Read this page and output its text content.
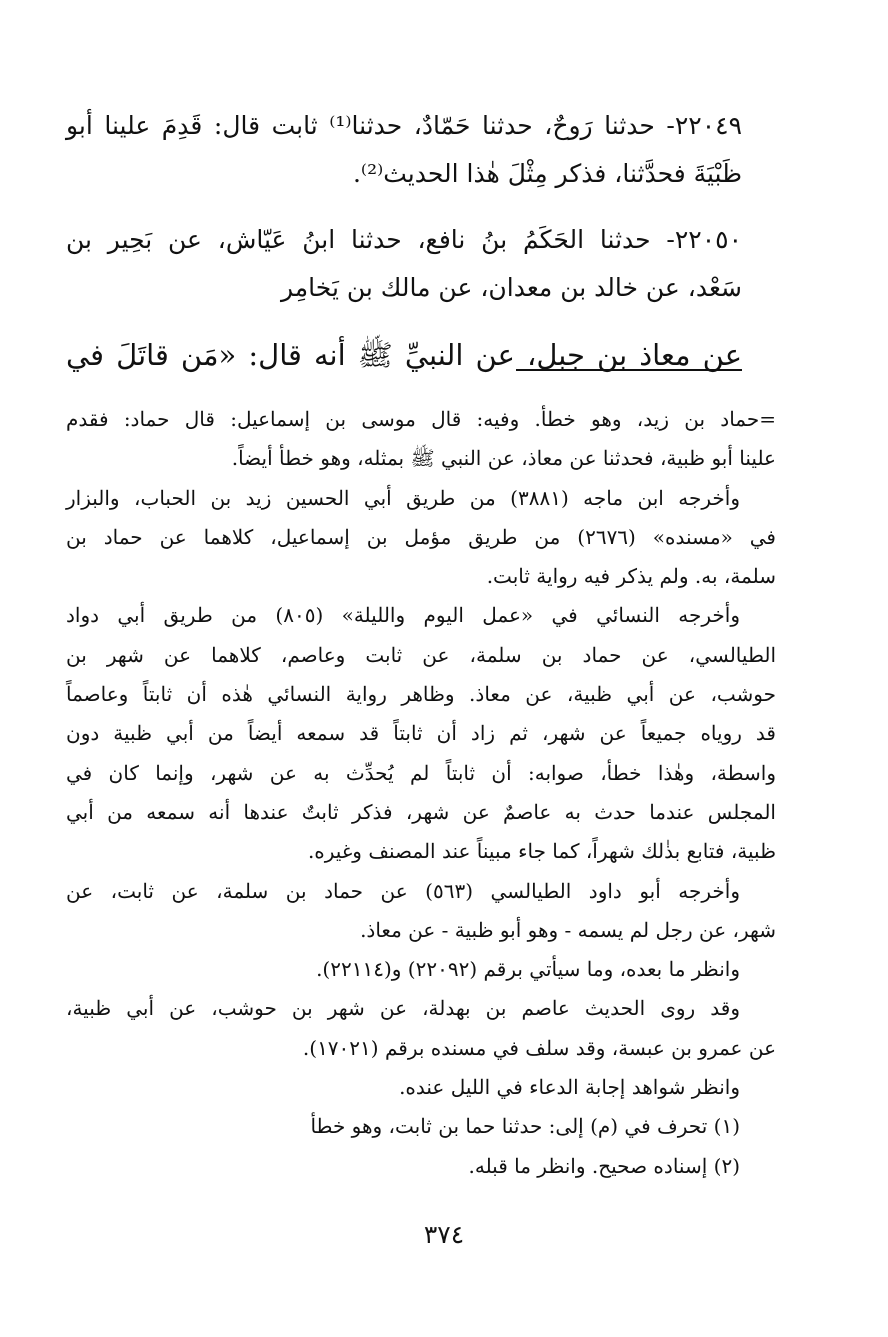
٢٢٠٤٩- حدثنا رَوحٌ، حدثنا حَمّادٌ، حدثنا⁽¹⁾ ثابت قال: قَدِمَ علينا أبو
ظَبْيَةَ فحدَّثنا، فذكر مِثْلَ هٰذا الحديث⁽²⁾.
٢٢٠٥٠- حدثنا الحَكَمُ بنُ نافع، حدثنا ابنُ عَيّاش، عن بَحِير بن
سَعْد، عن خالد بن معدان، عن مالك بن يَخامِر
عن معاذ بن جبل، عن النبيِّ ﷺ أنه قال: «مَن قاتَلَ في
=حماد بن زيد، وهو خطأ. وفيه: قال موسى بن إسماعيل: قال حماد: فقدم
علينا أبو ظبية، فحدثنا عن معاذ، عن النبي ﷺ بمثله، وهو خطأ أيضاً.
وأخرجه ابن ماجه (٣٨٨١) من طريق أبي الحسين زيد بن الحباب، والبزار
في «مسنده» (٢٦٧٦) من طريق مؤمل بن إسماعيل، كلاهما عن حماد بن
سلمة، به. ولم يذكر فيه رواية ثابت.
وأخرجه النسائي في «عمل اليوم والليلة» (٨٠٥) من طريق أبي دواد
الطيالسي، عن حماد بن سلمة، عن ثابت وعاصم، كلاهما عن شهر بن
حوشب، عن أبي ظبية، عن معاذ. وظاهر رواية النسائي هٰذه أن ثابتاً وعاصماً
قد روياه جميعاً عن شهر، ثم زاد أن ثابتاً قد سمعه أيضاً من أبي ظبية دون
واسطة، وهٰذا خطأ، صوابه: أن ثابتاً لم يُحدِّث به عن شهر، وإنما كان في
المجلس عندما حدث به عاصمٌ عن شهر، فذكر ثابتٌ عندها أنه سمعه من أبي
ظبية، فتابع بذٰلك شهراً، كما جاء مبيناً عند المصنف وغيره.
وأخرجه أبو داود الطيالسي (٥٦٣) عن حماد بن سلمة، عن ثابت، عن
شهر، عن رجل لم يسمه - وهو أبو ظبية - عن معاذ.
وانظر ما بعده، وما سيأتي برقم (٢٢٠٩٢) و(٢٢١١٤).
وقد روى الحديث عاصم بن بهدلة، عن شهر بن حوشب، عن أبي ظبية،
عن عمرو بن عبسة، وقد سلف في مسنده برقم (١٧٠٢١).
وانظر شواهد إجابة الدعاء في الليل عنده.
(١) تحرف في (م) إلى: حدثنا حما بن ثابت، وهو خطأ
(٢) إسناده صحيح. وانظر ما قبله.
٣٧٤
